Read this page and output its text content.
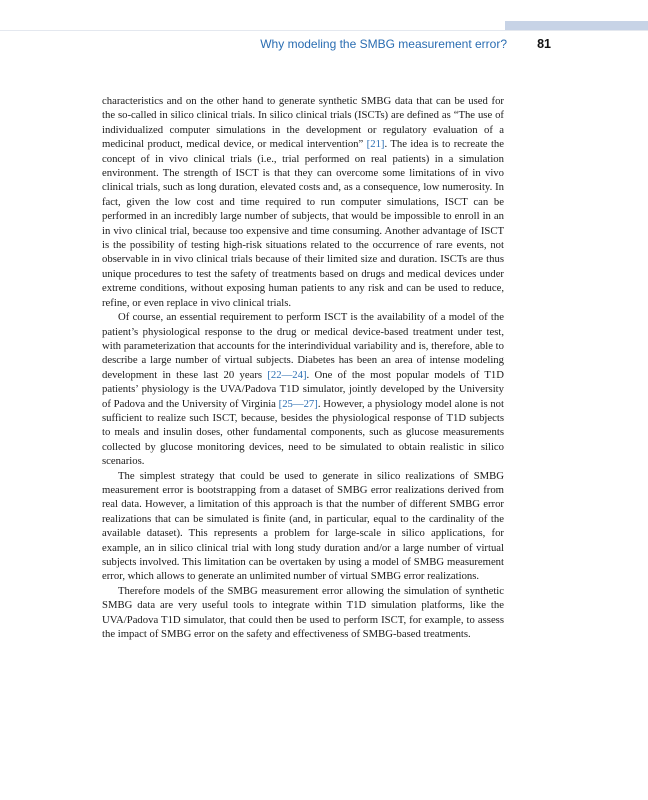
Why modeling the SMBG measurement error? 81

characteristics and on the other hand to generate synthetic SMBG data that can be used for the so-called in silico clinical trials. In silico clinical trials (ISCTs) are defined as “The use of individualized computer simulations in the development or regulatory evaluation of a medicinal product, medical device, or medical intervention” [21]. The idea is to recreate the concept of in vivo clinical trials (i.e., trial performed on real patients) in a simulation environment. The strength of ISCT is that they can overcome some limitations of in vivo clinical trials, such as long duration, elevated costs and, as a consequence, low numerosity. In fact, given the low cost and time required to run computer simulations, ISCT can be performed in an incredibly large number of subjects, that would be impossible to enroll in an in vivo clinical trial, because too expensive and time consuming. Another advantage of ISCT is the possibility of testing high-risk situations related to the occurrence of rare events, not observable in in vivo clinical trials because of their limited size and duration. ISCTs are thus unique procedures to test the safety of treatments based on drugs and medical devices under extreme conditions, without exposing human patients to any risk and can be used to reduce, refine, or even replace in vivo clinical trials.

Of course, an essential requirement to perform ISCT is the availability of a model of the patient’s physiological response to the drug or medical device-based treatment under test, with parameterization that accounts for the interindividual variability and is, therefore, able to describe a large number of virtual subjects. Diabetes has been an area of intense modeling development in these last 20 years [22—24]. One of the most popular models of T1D patients’ physiology is the UVA/Padova T1D simulator, jointly developed by the University of Padova and the University of Virginia [25—27]. However, a physiology model alone is not sufficient to realize such ISCT, because, besides the physiological response of T1D subjects to meals and insulin doses, other fundamental components, such as glucose measurements collected by glucose monitoring devices, need to be simulated to obtain realistic in silico scenarios.

The simplest strategy that could be used to generate in silico realizations of SMBG measurement error is bootstrapping from a dataset of SMBG error realizations derived from real data. However, a limitation of this approach is that the number of different SMBG error realizations that can be simulated is finite (and, in particular, equal to the cardinality of the available dataset). This represents a problem for large-scale in silico applications, for example, an in silico clinical trial with long study duration and/or a large number of virtual subjects involved. This limitation can be overtaken by using a model of SMBG measurement error, which allows to generate an unlimited number of virtual SMBG error realizations.

Therefore models of the SMBG measurement error allowing the simulation of synthetic SMBG data are very useful tools to integrate within T1D simulation platforms, like the UVA/Padova T1D simulator, that could then be used to perform ISCT, for example, to assess the impact of SMBG error on the safety and effectiveness of SMBG-based treatments.
